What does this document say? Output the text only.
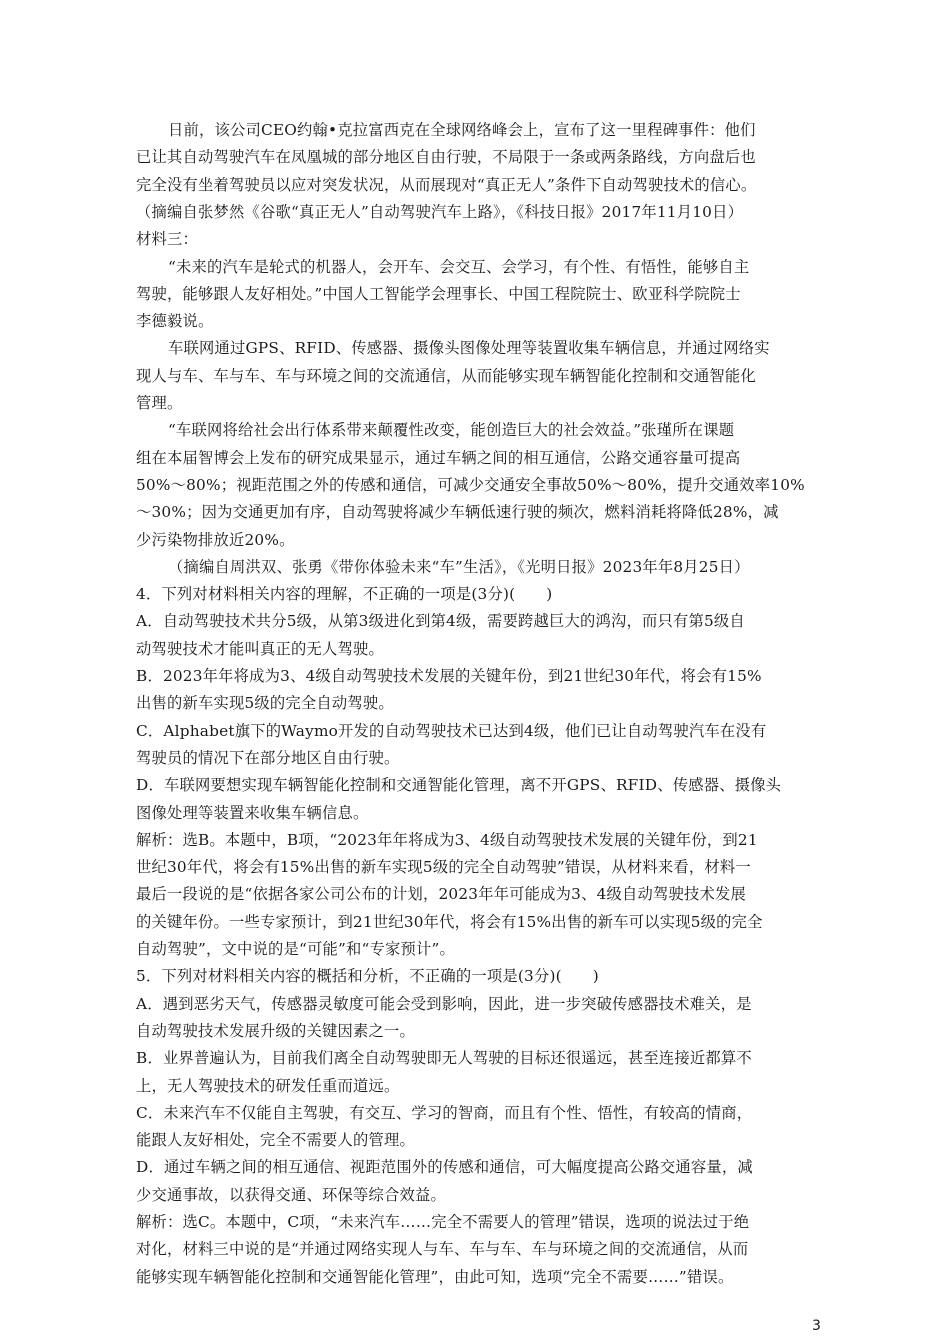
日前，该公司CEO约翰•克拉富西克在全球网络峰会上，宣布了这一里程碑事件：他们
已让其自动驾驶汽车在凤凰城的部分地区自由行驶，不局限于一条或两条路线，方向盘后也
完全没有坐着驾驶员以应对突发状况，从而展现对“真正无人”条件下自动驾驶技术的信心。
（摘编自张梦然《谷歌“真正无人”自动驾驶汽车上路》，《科技日报》2017年11月10日）
材料三：
“未来的汽车是轮式的机器人，会开车、会交互、会学习，有个性、有悟性，能够自主
驾驶，能够跟人友好相处。”中国人工智能学会理事长、中国工程院院士、欧亚科学院院士
李德毅说。
车联网通过GPS、RFID、传感器、摄像头图像处理等装置收集车辆信息，并通过网络实
现人与车、车与车、车与环境之间的交流通信，从而能够实现车辆智能化控制和交通智能化
管理。
“车联网将给社会出行体系带来颠覆性改变，能创造巨大的社会效益。”张瑾所在课题
组在本届智博会上发布的研究成果显示，通过车辆之间的相互通信，公路交通容量可提高
50%～80%；视距范围之外的传感和通信，可减少交通安全事故50%～80%，提升交通效率10%
～30%；因为交通更加有序，自动驾驶将减少车辆低速行驶的频次，燃料消耗将降低28%，减
少污染物排放近20%。
（摘编自周洪双、张勇《带你体验未来“车”生活》，《光明日报》2023年年8月25日）
4．下列对材料相关内容的理解，不正确的一项是(3分)(　　)
A．自动驾驶技术共分5级，从第3级进化到第4级，需要跨越巨大的鸿沟，而只有第5级自
动驾驶技术才能叫真正的无人驾驶。
B．2023年年将成为3、4级自动驾驶技术发展的关键年份，到21世纪30年代，将会有15%
出售的新车实现5级的完全自动驾驶。
C．Alphabet旗下的Waymo开发的自动驾驶技术已达到4级，他们已让自动驾驶汽车在没有
驾驶员的情况下在部分地区自由行驶。
D．车联网要想实现车辆智能化控制和交通智能化管理，离不开GPS、RFID、传感器、摄像头
图像处理等装置来收集车辆信息。
解析：选B。本题中，B项，“2023年年将成为3、4级自动驾驶技术发展的关键年份，到21
世纪30年代，将会有15%出售的新车实现5级的完全自动驾驶”错误，从材料来看，材料一
最后一段说的是“依据各家公司公布的计划，2023年年可能成为3、4级自动驾驶技术发展
的关键年份。一些专家预计，到21世纪30年代，将会有15%出售的新车可以实现5级的完全
自动驾驶”，文中说的是“可能”和“专家预计”。
5．下列对材料相关内容的概括和分析，不正确的一项是(3分)(　　)
A．遇到恶劣天气，传感器灵敏度可能会受到影响，因此，进一步突破传感器技术难关，是
自动驾驶技术发展升级的关键因素之一。
B．业界普遍认为，目前我们离全自动驾驶即无人驾驶的目标还很遥远，甚至连接近都算不
上，无人驾驶技术的研发任重而道远。
C．未来汽车不仅能自主驾驶，有交互、学习的智商，而且有个性、悟性，有较高的情商，
能跟人友好相处，完全不需要人的管理。
D．通过车辆之间的相互通信、视距范围外的传感和通信，可大幅度提高公路交通容量，减
少交通事故，以获得交通、环保等综合效益。
解析：选C。本题中，C项，“未来汽车……完全不需要人的管理”错误，选项的说法过于绝
对化，材料三中说的是“并通过网络实现人与车、车与车、车与环境之间的交流通信，从而
能够实现车辆智能化控制和交通智能化管理”，由此可知，选项“完全不需要……”错误。
3
